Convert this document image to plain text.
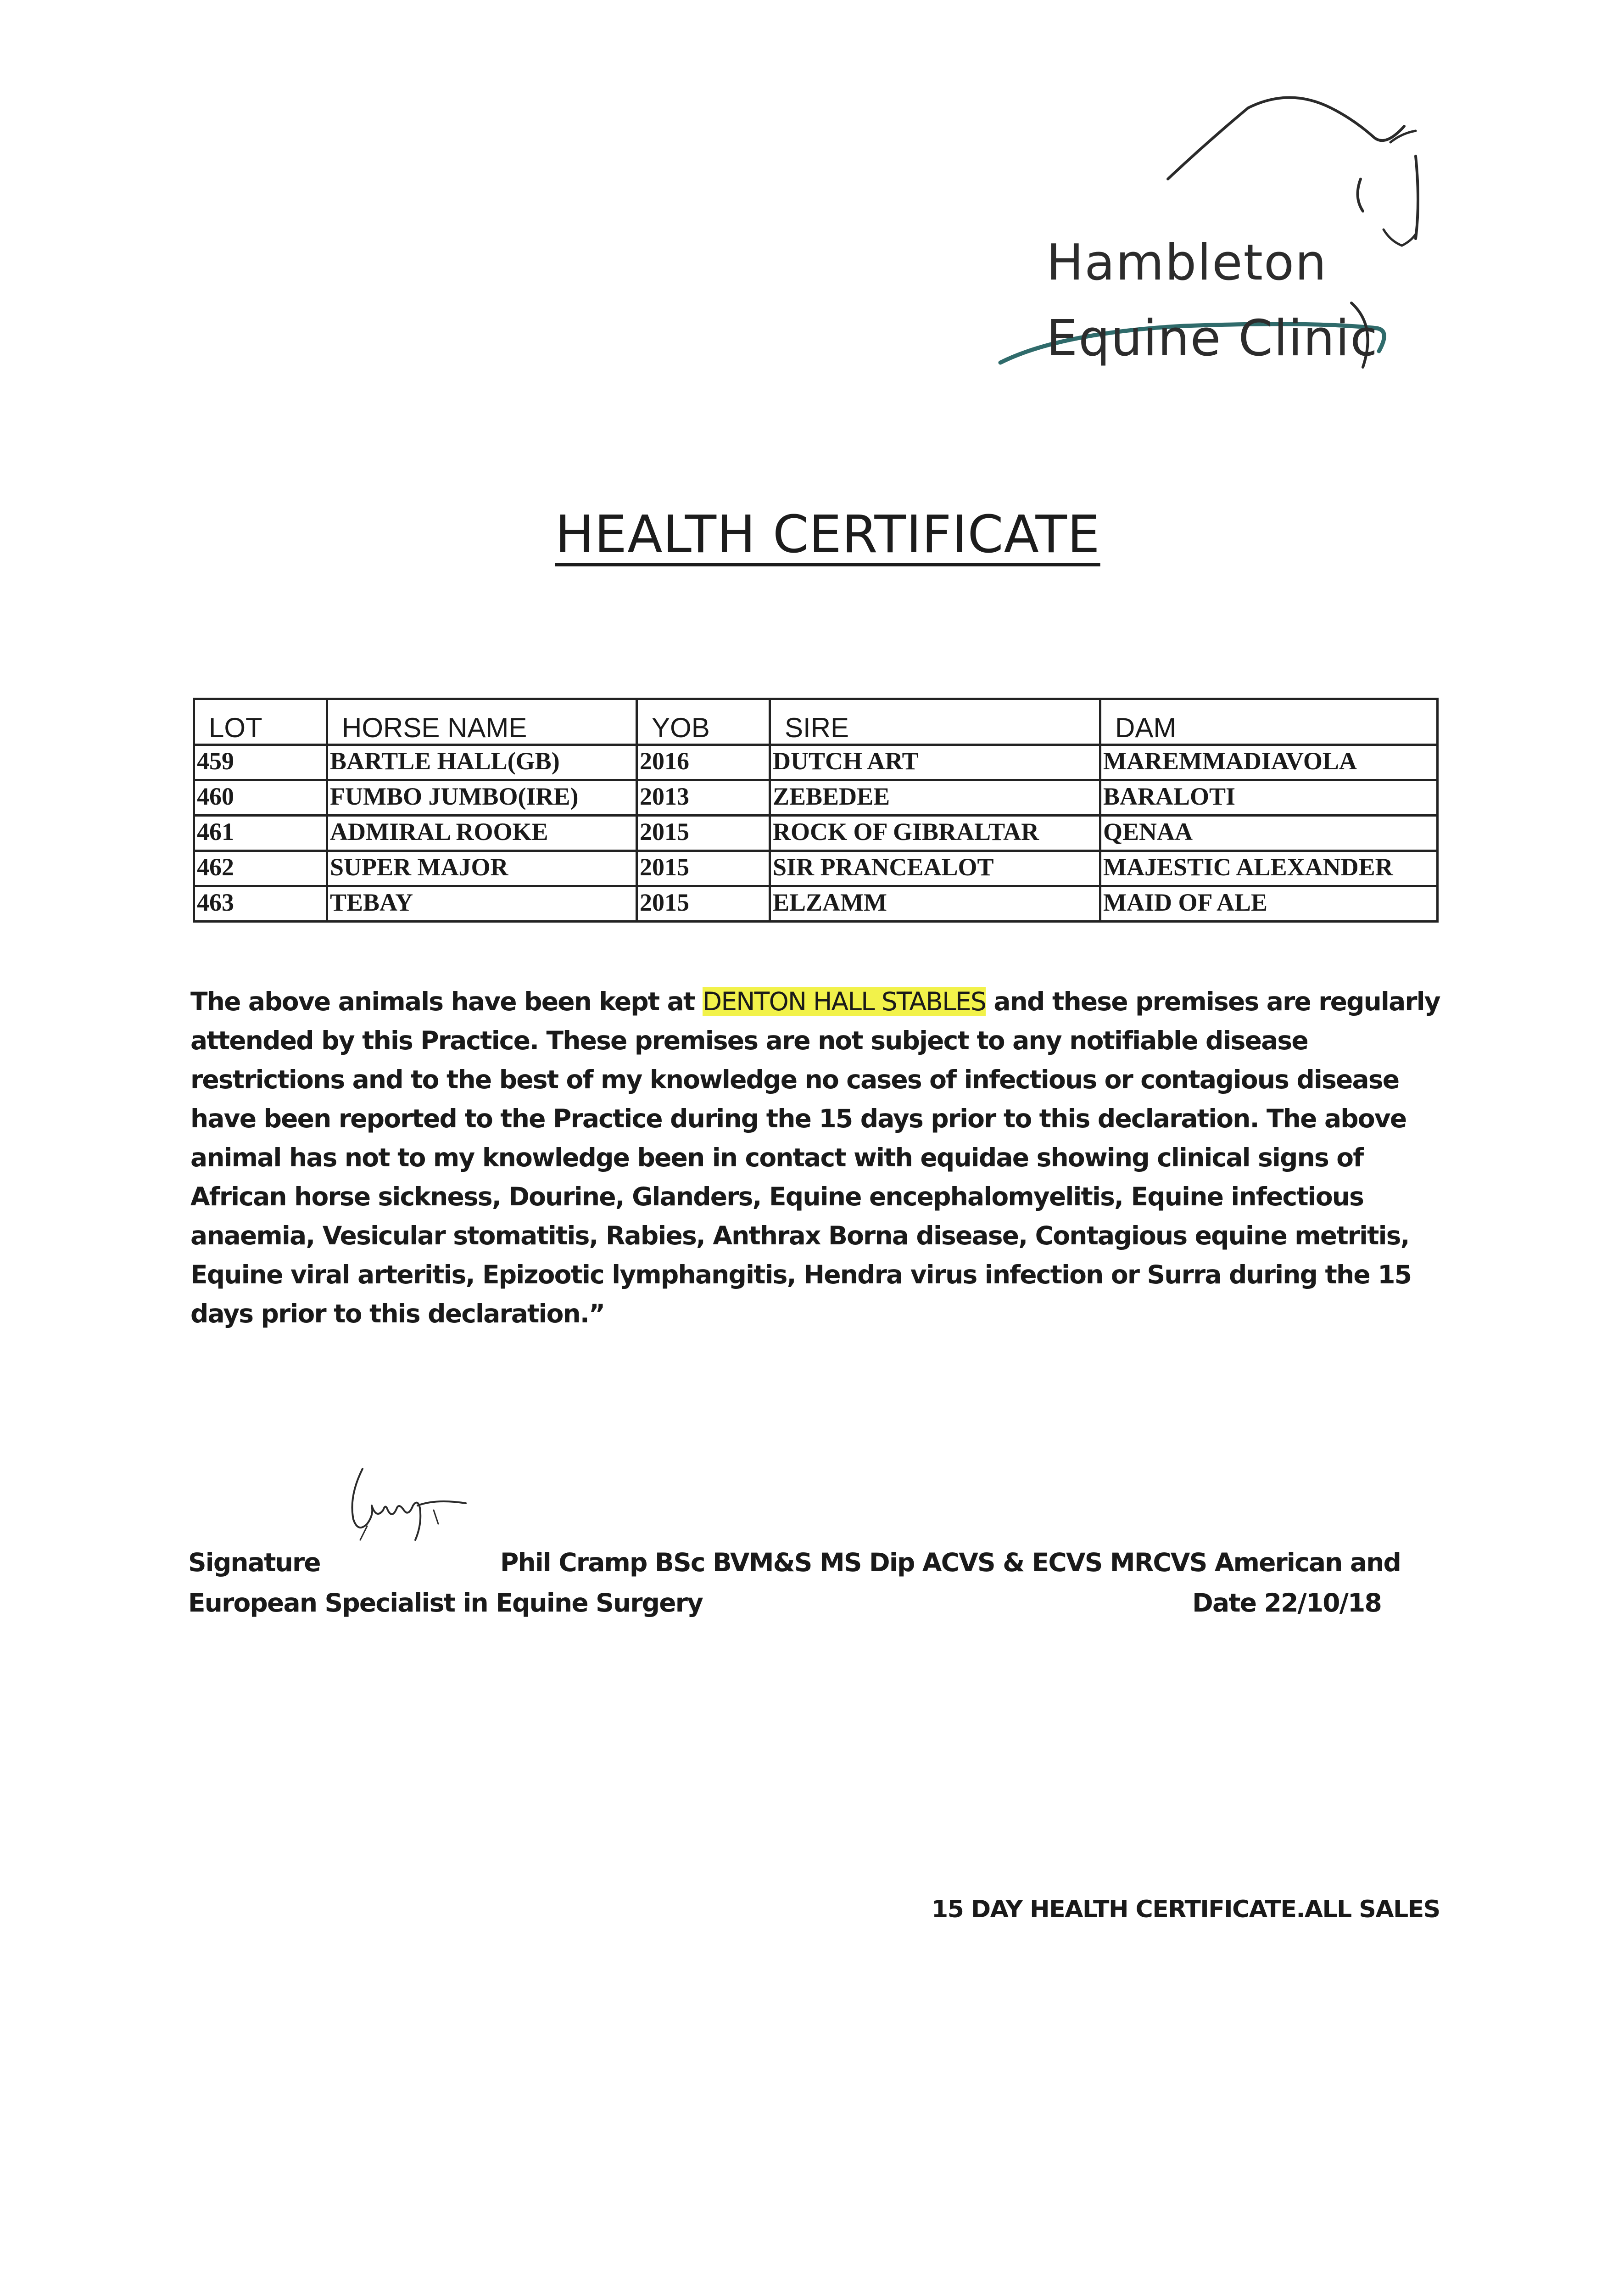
Hambleton
Equine Clinic
HEALTH CERTIFICATE
LOT	HORSE NAME	YOB	SIRE	DAM
459	BARTLE HALL(GB)	2016	DUTCH ART	MAREMMADIAVOLA
460	FUMBO JUMBO(IRE)	2013	ZEBEDEE	BARALOTI
461	ADMIRAL ROOKE	2015	ROCK OF GIBRALTAR	QENAA
462	SUPER MAJOR	2015	SIR PRANCEALOT	MAJESTIC ALEXANDER
463	TEBAY	2015	ELZAMM	MAID OF ALE
The above animals have been kept at DENTON HALL STABLES and these premises are regularly attended by this Practice. These premises are not subject to any notifiable disease restrictions and to the best of my knowledge no cases of infectious or contagious disease have been reported to the Practice during the 15 days prior to this declaration. The above animal has not to my knowledge been in contact with equidae showing clinical signs of African horse sickness, Dourine, Glanders, Equine encephalomyelitis, Equine infectious anaemia, Vesicular stomatitis, Rabies, Anthrax Borna disease, Contagious equine metritis, Equine viral arteritis, Epizootic lymphangitis, Hendra virus infection or Surra during the 15 days prior to this declaration.”
Signature	Phil Cramp BSc BVM&S MS Dip ACVS & ECVS MRCVS American and
European Specialist in Equine Surgery	Date 22/10/18
15 DAY HEALTH CERTIFICATE.ALL SALES
